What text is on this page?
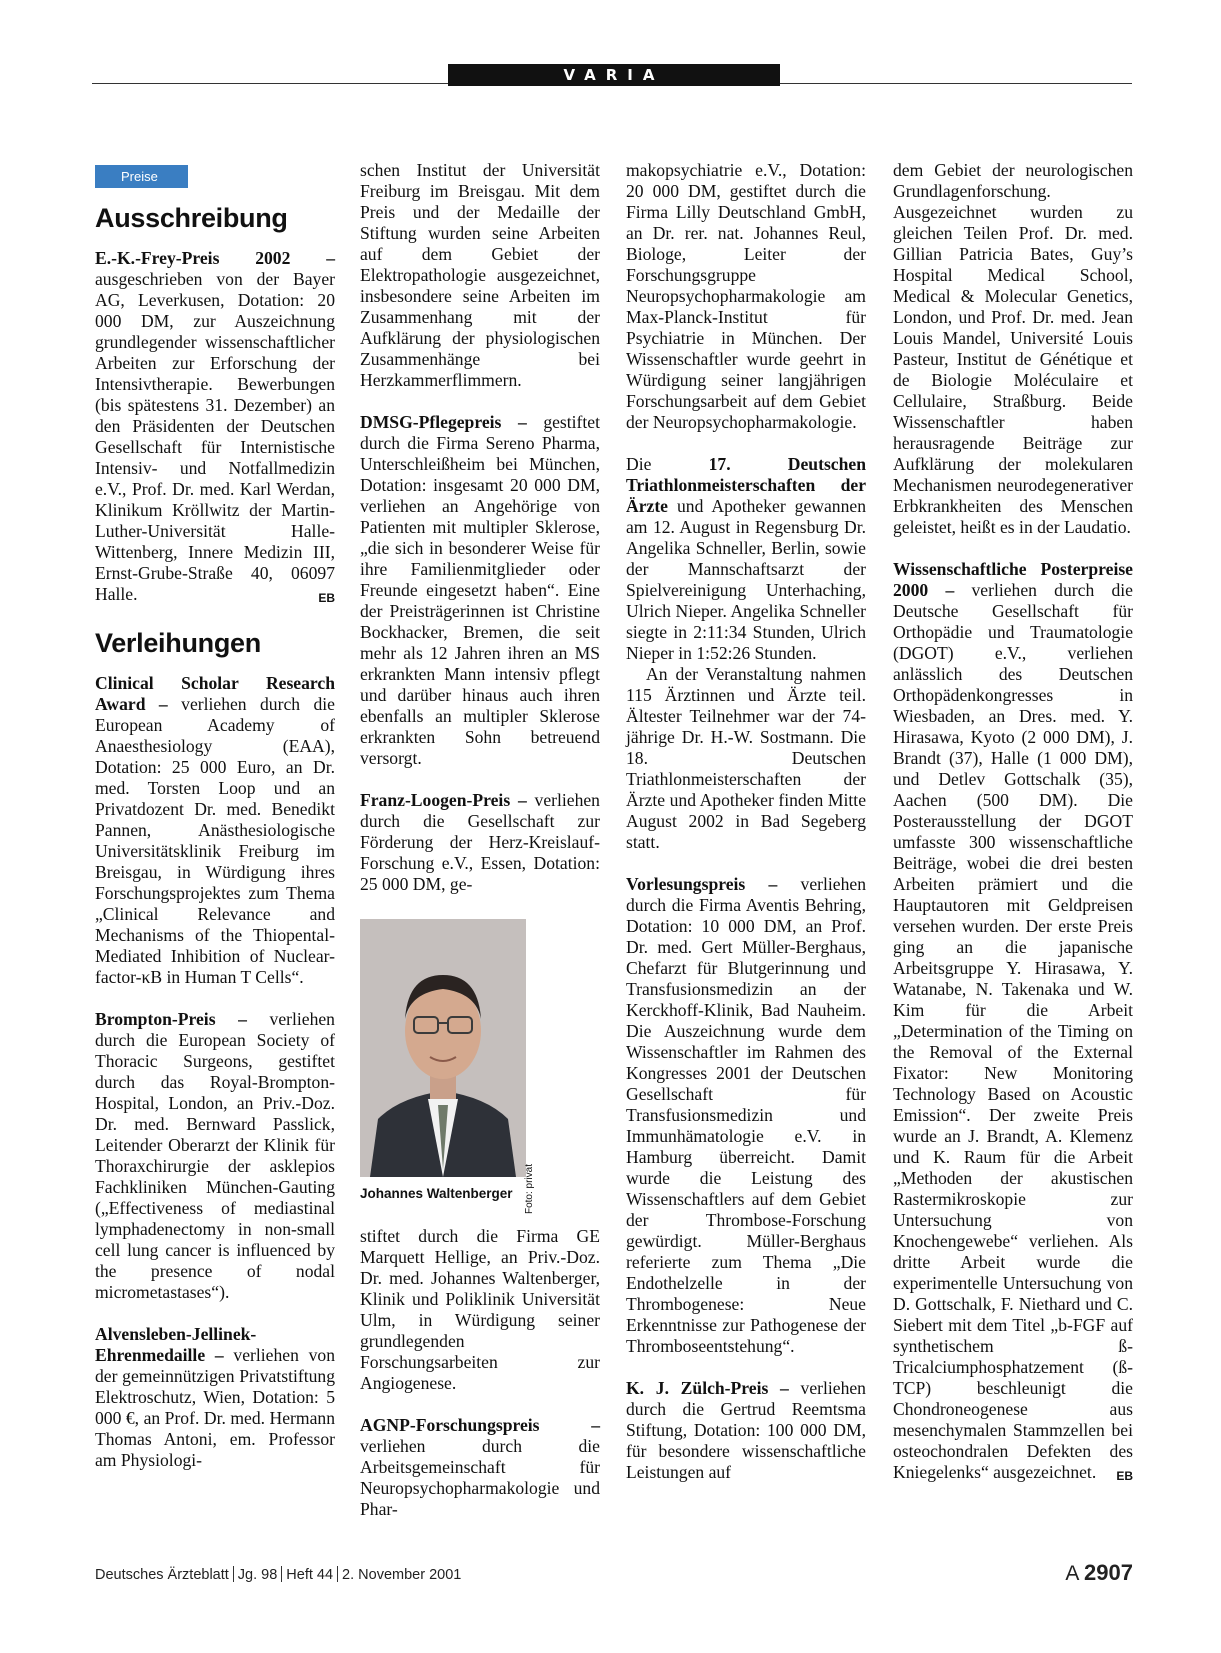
VARIA
Preise
Ausschreibung

E.-K.-Frey-Preis 2002 – ausgeschrieben von der Bayer AG, Leverkusen, Dotation: 20 000 DM, zur Auszeichnung grundlegender wissenschaftlicher Arbeiten zur Erforschung der Intensivtherapie. Bewerbungen (bis spätestens 31. Dezember) an den Präsidenten der Deutschen Gesellschaft für Internistische Intensiv- und Notfallmedizin e.V., Prof. Dr. med. Karl Werdan, Klinikum Kröllwitz der Martin-Luther-Universität Halle-Wittenberg, Innere Medizin III, Ernst-Grube-Straße 40, 06097 Halle.	EB

Verleihungen

Clinical Scholar Research Award – verliehen durch die European Academy of Anaesthesiology (EAA), Dotation: 25 000 Euro, an Dr. med. Torsten Loop und an Privatdozent Dr. med. Benedikt Pannen, Anästhesiologische Universitätsklinik Freiburg im Breisgau, in Würdigung ihres Forschungsprojektes zum Thema „Clinical Relevance and Mechanisms of the Thiopental-Mediated Inhibition of Nuclear-factor-κB in Human T Cells“.

Brompton-Preis – verliehen durch die European Society of Thoracic Surgeons, gestiftet durch das Royal-Brompton-Hospital, London, an Priv.-Doz. Dr. med. Bernward Passlick, Leitender Oberarzt der Klinik für Thoraxchirurgie der asklepios Fachkliniken München-Gauting („Effectiveness of mediastinal lymphadenectomy in non-small cell lung cancer is influenced by the presence of nodal micrometastases“).

Alvensleben-Jellinek-Ehrenmedaille – verliehen von der gemeinnützigen Privatstiftung Elektroschutz, Wien, Dotation: 5 000 €, an Prof. Dr. med. Hermann Thomas Antoni, em. Professor am Physiologi-

schen Institut der Universität Freiburg im Breisgau. Mit dem Preis und der Medaille der Stiftung wurden seine Arbeiten auf dem Gebiet der Elektropathologie ausgezeichnet, insbesondere seine Arbeiten im Zusammenhang mit der Aufklärung der physiologischen Zusammenhänge bei Herzkammerflimmern.

DMSG-Pflegepreis – gestiftet durch die Firma Sereno Pharma, Unterschleißheim bei München, Dotation: insgesamt 20 000 DM, verliehen an Angehörige von Patienten mit multipler Sklerose, „die sich in besonderer Weise für ihre Familienmitglieder oder Freunde eingesetzt haben“. Eine der Preisträgerinnen ist Christine Bockhacker, Bremen, die seit mehr als 12 Jahren ihren an MS erkrankten Mann intensiv pflegt und darüber hinaus auch ihren ebenfalls an multipler Sklerose erkrankten Sohn betreuend versorgt.

Franz-Loogen-Preis – verliehen durch die Gesellschaft zur Förderung der Herz-Kreislauf-Forschung e.V., Essen, Dotation: 25 000 DM, ge-

Foto: privat
Johannes Waltenberger

stiftet durch die Firma GE Marquett Hellige, an Priv.-Doz. Dr. med. Johannes Waltenberger, Klinik und Poliklinik Universität Ulm, in Würdigung seiner grundlegenden Forschungsarbeiten zur Angiogenese.

AGNP-Forschungspreis – verliehen durch die Arbeitsgemeinschaft für Neuropsychopharmakologie und Phar-

makopsychiatrie e.V., Dotation: 20 000 DM, gestiftet durch die Firma Lilly Deutschland GmbH, an Dr. rer. nat. Johannes Reul, Biologe, Leiter der Forschungsgruppe Neuropsychopharmakologie am Max-Planck-Institut für Psychiatrie in München. Der Wissenschaftler wurde geehrt in Würdigung seiner langjährigen Forschungsarbeit auf dem Gebiet der Neuropsychopharmakologie.

Die 17. Deutschen Triathlonmeisterschaften der Ärzte und Apotheker gewannen am 12. August in Regensburg Dr. Angelika Schneller, Berlin, sowie der Mannschaftsarzt der Spielvereinigung Unterhaching, Ulrich Nieper. Angelika Schneller siegte in 2:11:34 Stunden, Ulrich Nieper in 1:52:26 Stunden.

An der Veranstaltung nahmen 115 Ärztinnen und Ärzte teil. Ältester Teilnehmer war der 74-jährige Dr. H.-W. Sostmann. Die 18. Deutschen Triathlonmeisterschaften der Ärzte und Apotheker finden Mitte August 2002 in Bad Segeberg statt.

Vorlesungspreis – verliehen durch die Firma Aventis Behring, Dotation: 10 000 DM, an Prof. Dr. med. Gert Müller-Berghaus, Chefarzt für Blutgerinnung und Transfusionsmedizin an der Kerckhoff-Klinik, Bad Nauheim. Die Auszeichnung wurde dem Wissenschaftler im Rahmen des Kongresses 2001 der Deutschen Gesellschaft für Transfusionsmedizin und Immunhämatologie e.V. in Hamburg überreicht. Damit wurde die Leistung des Wissenschaftlers auf dem Gebiet der Thrombose-Forschung gewürdigt. Müller-Berghaus referierte zum Thema „Die Endothelzelle in der Thrombogenese: Neue Erkenntnisse zur Pathogenese der Thromboseentstehung“.

K. J. Zülch-Preis – verliehen durch die Gertrud Reemtsma Stiftung, Dotation: 100 000 DM, für besondere wissenschaftliche Leistungen auf

dem Gebiet der neurologischen Grundlagenforschung. Ausgezeichnet wurden zu gleichen Teilen Prof. Dr. med. Gillian Patricia Bates, Guy’s Hospital Medical School, Medical & Molecular Genetics, London, und Prof. Dr. med. Jean Louis Mandel, Université Louis Pasteur, Institut de Génétique et de Biologie Moléculaire et Cellulaire, Straßburg. Beide Wissenschaftler haben herausragende Beiträge zur Aufklärung der molekularen Mechanismen neurodegenerativer Erbkrankheiten des Menschen geleistet, heißt es in der Laudatio.

Wissenschaftliche Posterpreise 2000 – verliehen durch die Deutsche Gesellschaft für Orthopädie und Traumatologie (DGOT) e.V., verliehen anlässlich des Deutschen Orthopädenkongresses in Wiesbaden, an Dres. med. Y. Hirasawa, Kyoto (2 000 DM), J. Brandt (37), Halle (1 000 DM), und Detlev Gottschalk (35), Aachen (500 DM). Die Posterausstellung der DGOT umfasste 300 wissenschaftliche Beiträge, wobei die drei besten Arbeiten prämiert und die Hauptautoren mit Geldpreisen versehen wurden. Der erste Preis ging an die japanische Arbeitsgruppe Y. Hirasawa, Y. Watanabe, N. Takenaka und W. Kim für die Arbeit „Determination of the Timing on the Removal of the External Fixator: New Monitoring Technology Based on Acoustic Emission“. Der zweite Preis wurde an J. Brandt, A. Klemenz und K. Raum für die Arbeit „Methoden der akustischen Rastermikroskopie zur Untersuchung von Knochengewebe“ verliehen. Als dritte Arbeit wurde die experimentelle Untersuchung von D. Gottschalk, F. Niethard und C. Siebert mit dem Titel „b-FGF auf synthetischem ß-Tricalciumphosphatzement (ß-TCP) beschleunigt die Chondroneogenese aus mesenchymalen Stammzellen bei osteochondralen Defekten des Kniegelenks“ ausgezeichnet. EB

Deutsches Ärzteblatt Jg. 98 Heft 44 2. November 2001	A 2907
